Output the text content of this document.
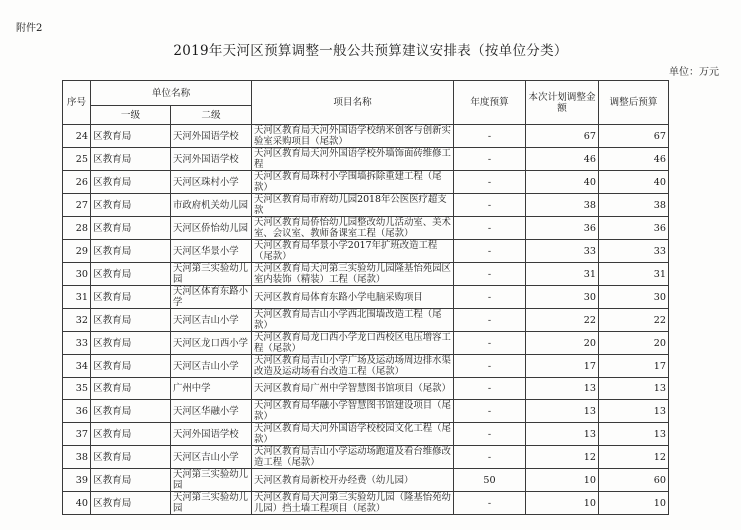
附件2
2019年天河区预算调整一般公共预算建议安排表（按单位分类）
单位：万元
序号	单位名称		项目名称	年度预算	本次计划调整金额	调整后预算
	一级	二级				
24	区教育局	天河外国语学校	天河区教育局天河外国语学校纳米创客与创新实验室采购项目（尾款）	-	67	67
25	区教育局	天河外国语学校	天河区教育局天河外国语学校外墙饰面砖维修工程	-	46	46
26	区教育局	天河区珠村小学	天河区教育局珠村小学围墙拆除重建工程（尾款）	-	40	40
27	区教育局	市政府机关幼儿园	天河区教育局市府幼儿园2018年公医医疗超支款	-	38	38
28	区教育局	天河区侨怡幼儿园	天河区教育局侨怡幼儿园整改幼儿活动室、美术室、会议室、教师备课室工程（尾款）	-	36	36
29	区教育局	天河区华景小学	天河区教育局华景小学2017年扩班改造工程（尾款）	-	33	33
30	区教育局	天河第三实验幼儿园	天河区教育局天河第三实验幼儿园隆基怡苑园区室内装饰（精装）工程（尾款）	-	31	31
31	区教育局	天河区体育东路小学	天河区教育局体育东路小学电脑采购项目	-	30	30
32	区教育局	天河区吉山小学	天河区教育局吉山小学西北围墙改造工程（尾款）	-	22	22
33	区教育局	天河区龙口西小学	天河区教育局龙口西小学龙口西校区电压增容工程（尾款）	-	20	20
34	区教育局	天河区吉山小学	天河区教育局吉山小学广场及运动场周边排水渠改造及运动场看台改造工程（尾款）	-	17	17
35	区教育局	广州中学	天河区教育局广州中学智慧图书馆项目（尾款）	-	13	13
36	区教育局	天河区华融小学	天河区教育局华融小学智慧图书馆建设项目（尾款）	-	13	13
37	区教育局	天河外国语学校	天河区教育局天河外国语学校校园文化工程（尾款）	-	13	13
38	区教育局	天河区吉山小学	天河区教育局吉山小学运动场跑道及看台维修改造工程（尾款）	-	12	12
39	区教育局	天河第三实验幼儿园	天河区教育局新校开办经费（幼儿园）	50	10	60
40	区教育局	天河第三实验幼儿园	天河区教育局天河第三实验幼儿园（隆基怡苑幼儿园）挡土墙工程项目（尾款）	-	10	10
